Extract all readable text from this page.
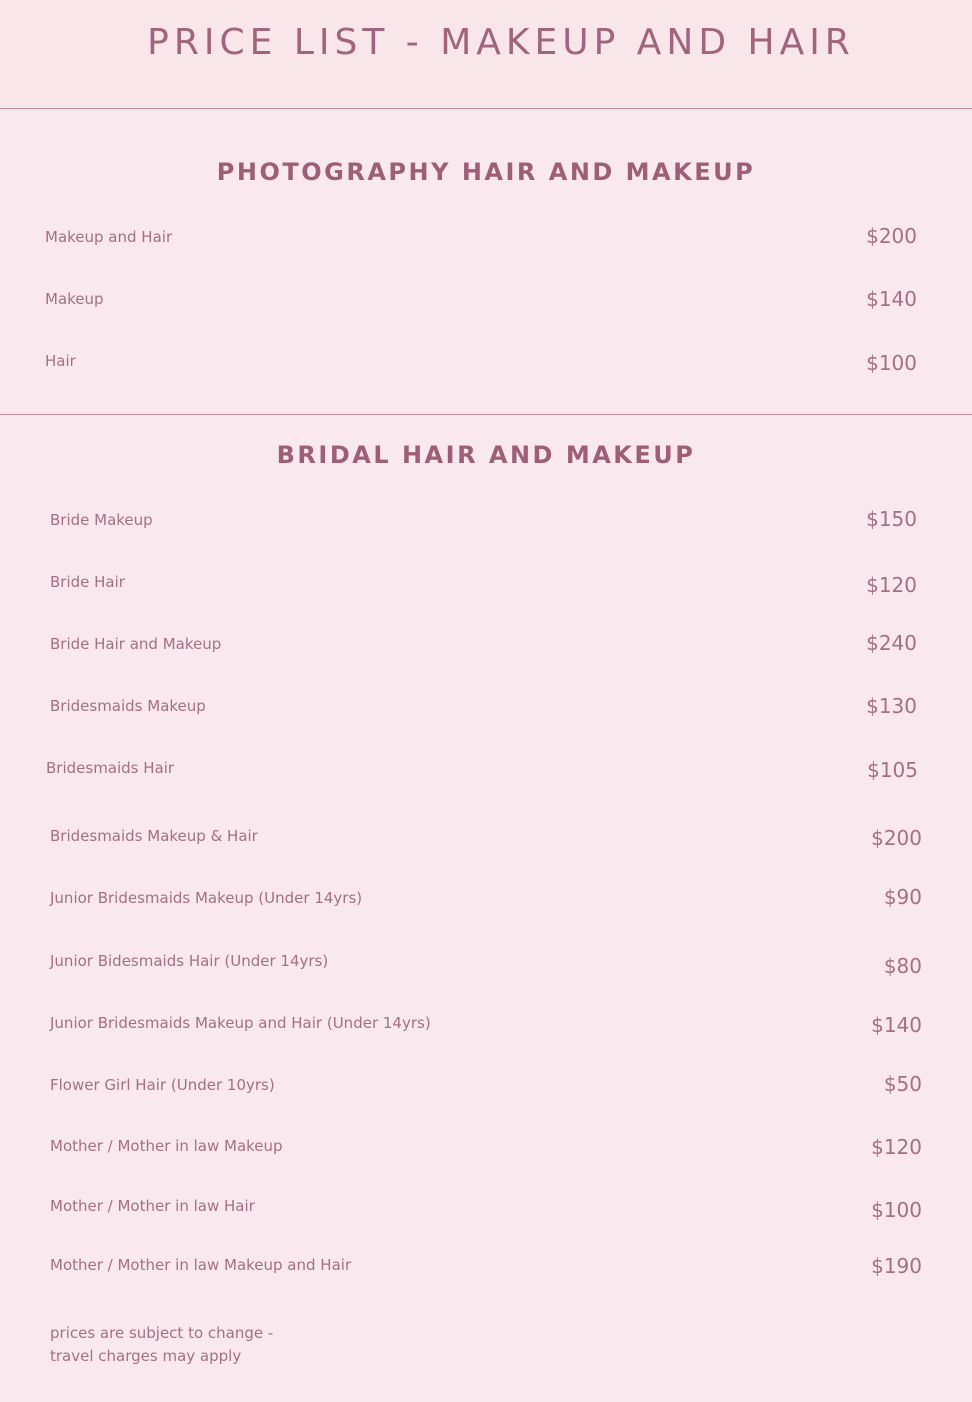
PRICE LIST - MAKEUP AND HAIR
PHOTOGRAPHY HAIR AND MAKEUP
Makeup and Hair	$200
Makeup	$140
Hair	$100
BRIDAL HAIR AND MAKEUP
Bride Makeup	$150
Bride Hair	$120
Bride Hair and Makeup	$240
Bridesmaids Makeup	$130
Bridesmaids Hair	$105
Bridesmaids Makeup & Hair	$200
Junior Bridesmaids Makeup (Under 14yrs)	$90
Junior Bidesmaids Hair (Under 14yrs)	$80
Junior Bridesmaids Makeup and Hair (Under 14yrs)	$140
Flower Girl Hair (Under 10yrs)	$50
Mother / Mother in law Makeup	$120
Mother / Mother in law Hair	$100
Mother / Mother in law Makeup and Hair	$190
prices are subject to change -
travel charges may apply
